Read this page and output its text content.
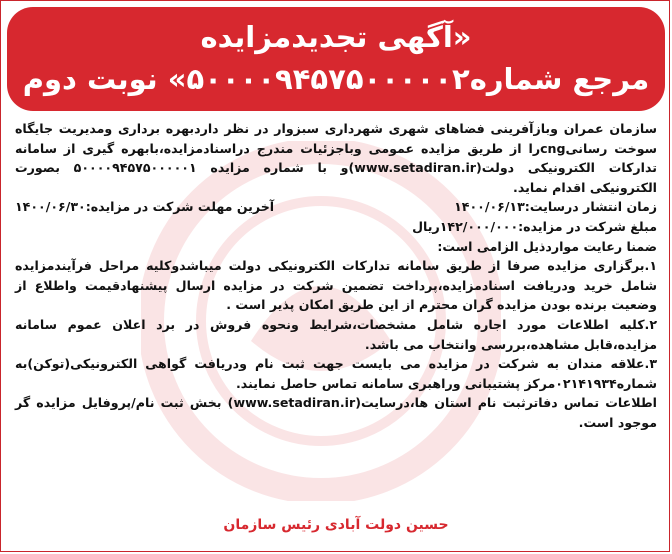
«آگهی تجدیدمزایده
مرجع شماره۵۰۰۰۰۹۴۵۷۵۰۰۰۰۰۲» نوبت دوم

سازمان عمران وبازآفرینی فضاهای شهری شهرداری سبزوار در نظر داردبهره برداری ومدیریت جایگاه سوخت رسانیcngرا از طریق مزایده عمومی وباجزئیات مندرج دراسنادمزایده،بابهره گیری از سامانه تدارکات الکترونیکی دولت(www.setadiran.ir)و با شماره مزایده ۵۰۰۰۰۹۴۵۷۵۰۰۰۰۰۱ بصورت الکترونیکی اقدام نماید.

زمان انتشار درسایت:۱۴۰۰/۰۶/۱۳
آخرین مهلت شرکت در مزایده:۱۴۰۰/۰۶/۳۰

مبلغ شرکت در مزایده:۱۴۲/۰۰۰/۰۰۰ریال

ضمنا رعایت مواردذیل الزامی است:

۱.برگزاری مزایده صرفا از طریق سامانه تدارکات الکترونیکی دولت میباشدوکلیه مراحل فرآیندمزایده شامل خرید ودریافت اسنادمزایده،پرداخت تضمین شرکت در مزایده ارسال پیشنهادقیمت واطلاع از وضعیت برنده بودن مزایده گران محترم از این طریق امکان پذیر است .

۲.کلیه اطلاعات مورد اجاره شامل مشخصات،شرایط ونحوه فروش در برد اعلان عموم سامانه مزایده،قابل مشاهده،بررسی وانتخاب می باشد.

۳.علاقه مندان به شرکت در مزایده می بایست جهت ثبت نام ودریافت گواهی الکترونیکی(توکن)به شماره۰۲۱۴۱۹۳۴مرکز پشتیبانی وراهبری سامانه تماس حاصل نمایند.

اطلاعات تماس دفاترثبت نام استان ها،درسایت(www.setadiran.ir) بخش ثبت نام/پروفایل مزایده گر موجود است.

حسین دولت آبادی رئیس سازمان
